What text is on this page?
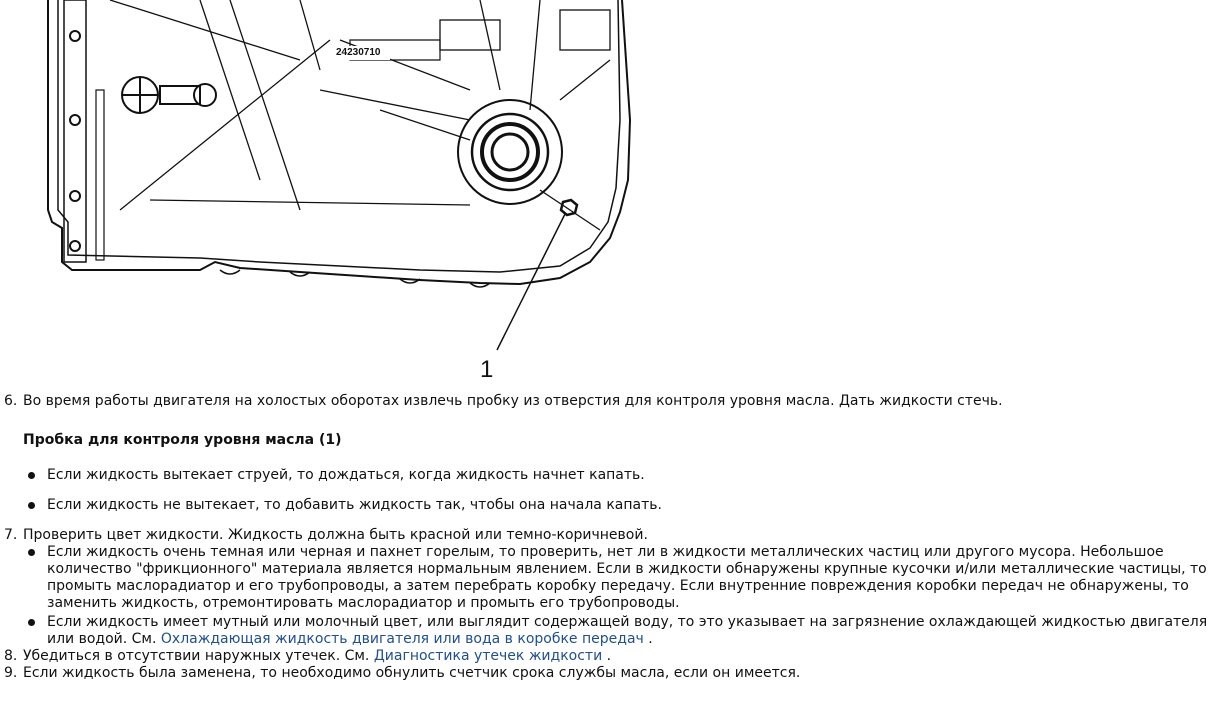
24230710
1
6. Во время работы двигателя на холостых оборотах извлечь пробку из отверстия для контроля уровня масла. Дать жидкости стечь.
Пробка для контроля уровня масла (1)
Если жидкость вытекает струей, то дождаться, когда жидкость начнет капать.
Если жидкость не вытекает, то добавить жидкость так, чтобы она начала капать.
7. Проверить цвет жидкости. Жидкость должна быть красной или темно-коричневой.
Если жидкость очень темная или черная и пахнет горелым, то проверить, нет ли в жидкости металлических частиц или другого мусора. Небольшое количество "фрикционного" материала является нормальным явлением. Если в жидкости обнаружены крупные кусочки и/или металлические частицы, то промыть маслорадиатор и его трубопроводы, а затем перебрать коробку передачу. Если внутренние повреждения коробки передач не обнаружены, то заменить жидкость, отремонтировать маслорадиатор и промыть его трубопроводы.
Если жидкость имеет мутный или молочный цвет, или выглядит содержащей воду, то это указывает на загрязнение охлаждающей жидкостью двигателя или водой. См. Охлаждающая жидкость двигателя или вода в коробке передач .
8. Убедиться в отсутствии наружных утечек. См. Диагностика утечек жидкости .
9. Если жидкость была заменена, то необходимо обнулить счетчик срока службы масла, если он имеется.
